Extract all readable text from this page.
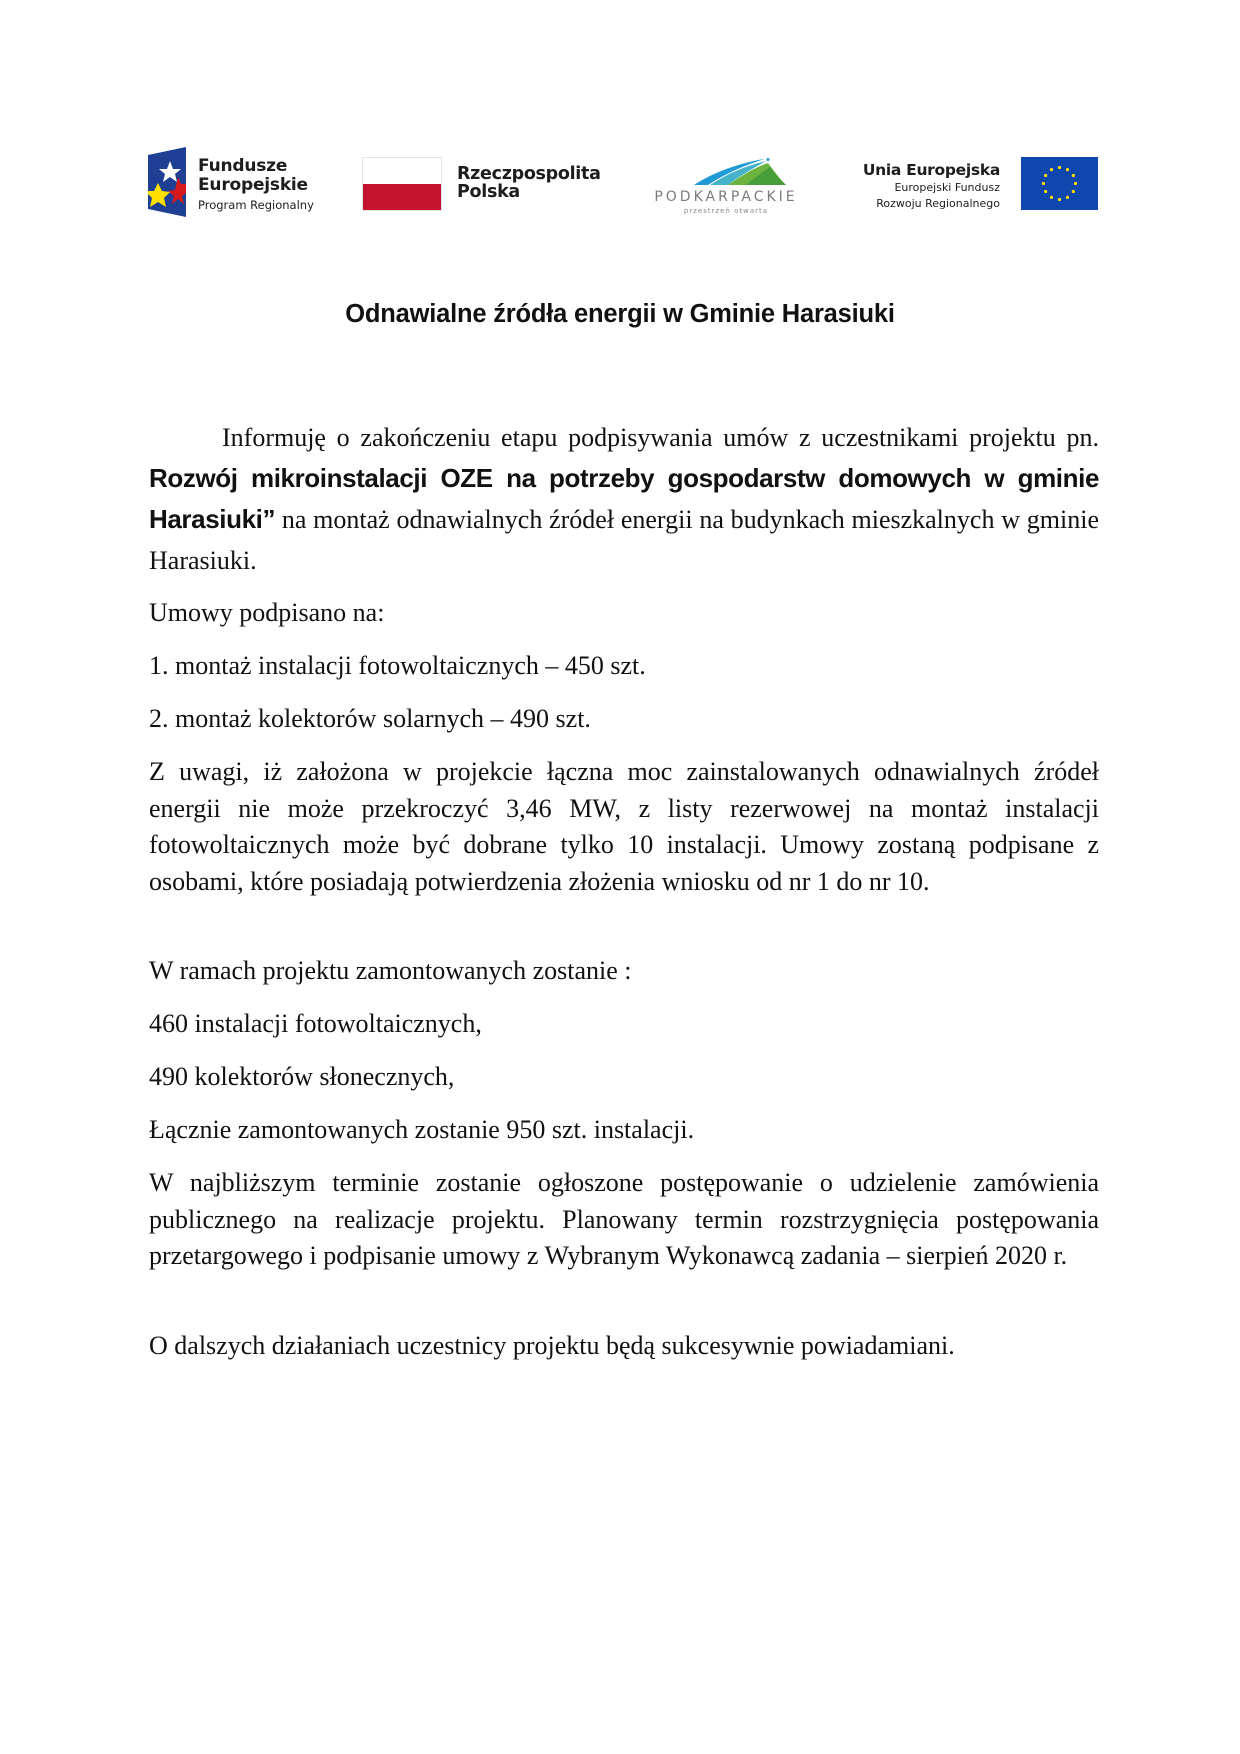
Fundusze
Europejskie
Program Regionalny
Rzeczpospolita
Polska	PODKARPACKIE
przestrzeń otwarta
Unia Europejska
Europejski Fundusz
Rozwoju Regionalnego
Odnawialne źródła energii w Gminie Harasiuki
Informuję o zakończeniu etapu podpisywania umów z uczestnikami projektu pn. Rozwój mikroinstalacji OZE na potrzeby gospodarstw domowych w gminie Harasiuki” na montaż odnawialnych źródeł energii na budynkach mieszkalnych w gminie Harasiuki.
Umowy podpisano na:
1. montaż instalacji fotowoltaicznych – 450 szt.
2. montaż kolektorów solarnych – 490 szt.
Z uwagi, iż założona w projekcie łączna moc zainstalowanych odnawialnych źródeł energii nie może przekroczyć 3,46 MW, z listy rezerwowej na montaż instalacji fotowoltaicznych może być dobrane tylko 10 instalacji. Umowy zostaną podpisane z osobami, które posiadają potwierdzenia złożenia wniosku od nr 1 do nr 10.
W ramach projektu zamontowanych zostanie :
460 instalacji fotowoltaicznych,
490 kolektorów słonecznych,
Łącznie zamontowanych zostanie 950 szt. instalacji.
W najbliższym terminie zostanie ogłoszone postępowanie o udzielenie zamówienia publicznego na realizacje projektu. Planowany termin rozstrzygnięcia postępowania przetargowego i podpisanie umowy z Wybranym Wykonawcą zadania – sierpień 2020 r.
O dalszych działaniach uczestnicy projektu będą sukcesywnie powiadamiani.
